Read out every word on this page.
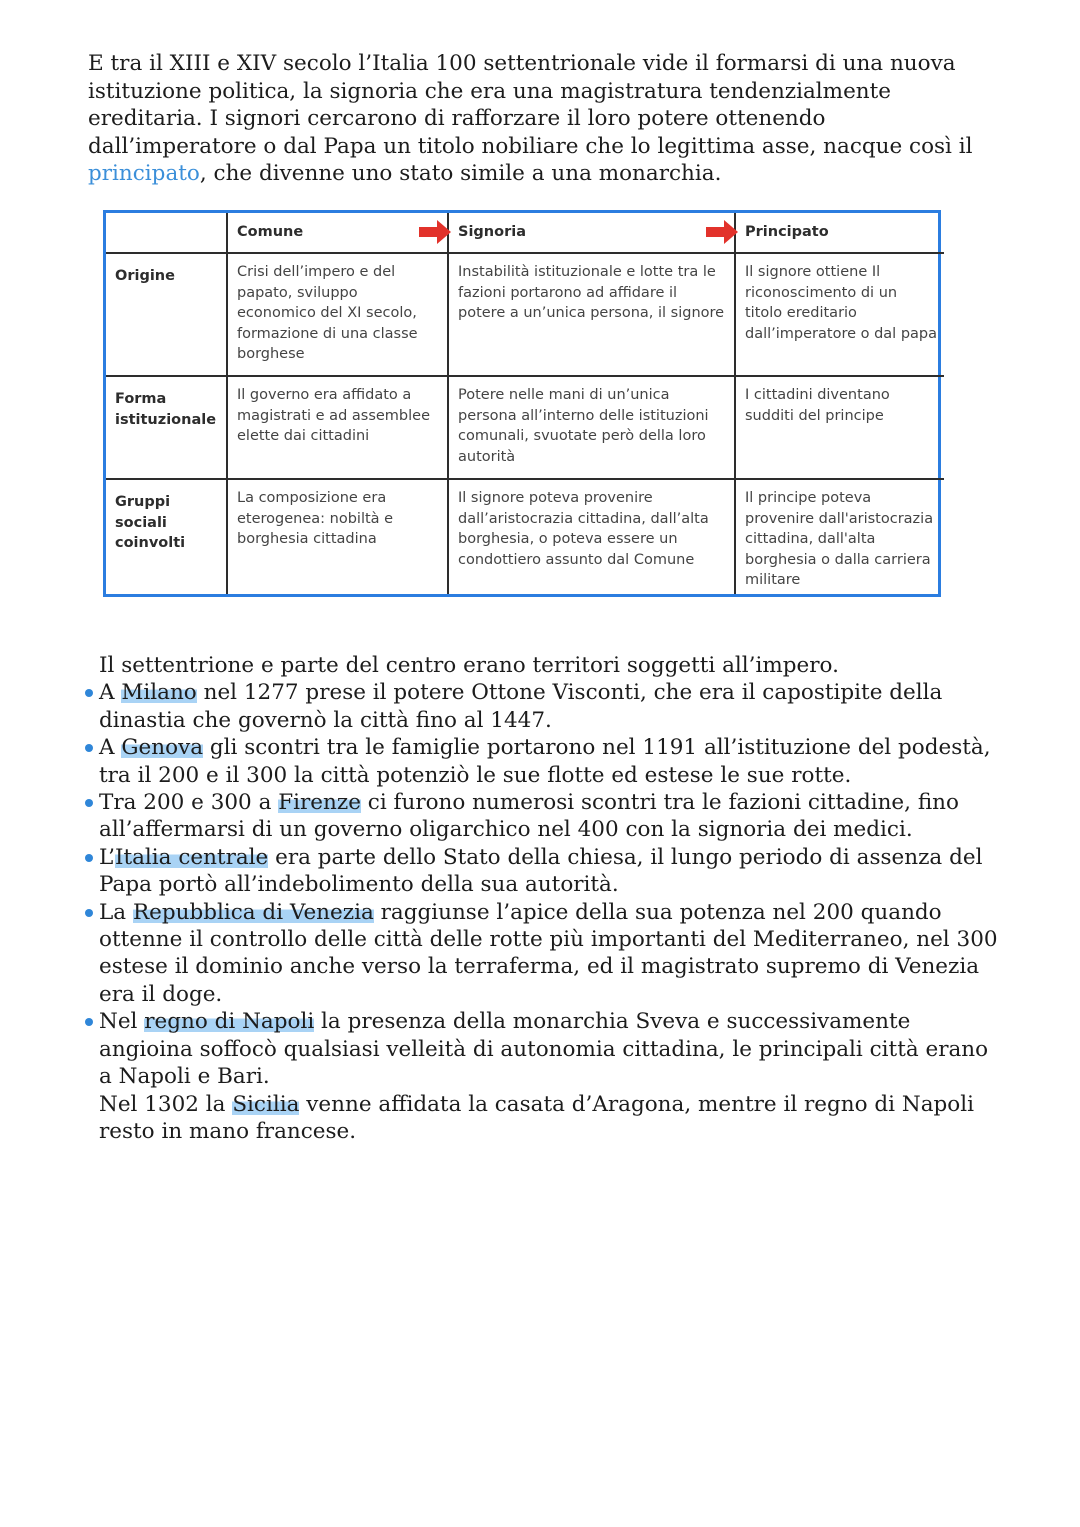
E tra il XIII e XIV secolo l’Italia 100 settentrionale vide il formarsi di una nuova istituzione politica, la signoria che era una magistratura tendenzialmente ereditaria. I signori cercarono di rafforzare il loro potere ottenendo dall’imperatore o dal Papa un titolo nobiliare che lo legittima asse, nacque così il principato, che divenne uno stato simile a una monarchia.

	Comune	Signoria	Principato
Origine	Crisi dell’impero e del papato, sviluppo economico del XI secolo, formazione di una classe borghese	Instabilità istituzionale e lotte tra le fazioni portarono ad affidare il potere a un’unica persona, il signore	Il signore ottiene Il riconoscimento di un titolo ereditario dall’imperatore o dal papa
Forma istituzionale	Il governo era affidato a magistrati e ad assemblee elette dai cittadini	Potere nelle mani di un’unica persona all’interno delle istituzioni comunali, svuotate però della loro autorità	I cittadini diventano sudditi del principe
Gruppi sociali coinvolti	La composizione era eterogenea: nobiltà e borghesia cittadina	Il signore poteva provenire dall’aristocrazia cittadina, dall’alta borghesia, o poteva essere un condottiero assunto dal Comune	Il principe poteva provenire dall'aristocrazia cittadina, dall'alta borghesia o dalla carriera militare
Il settentrione e parte del centro erano territori soggetti all’impero.
A Milano nel 1277 prese il potere Ottone Visconti, che era il capostipite della dinastia che governò la città fino al 1447.
A Genova gli scontri tra le famiglie portarono nel 1191 all’istituzione del podestà, tra il 200 e il 300 la città potenziò le sue flotte ed estese le sue rotte.
Tra 200 e 300 a Firenze ci furono numerosi scontri tra le fazioni cittadine, fino all’affermarsi di un governo oligarchico nel 400 con la signoria dei medici.
L’Italia centrale era parte dello Stato della chiesa, il lungo periodo di assenza del Papa portò all’indebolimento della sua autorità.
La Repubblica di Venezia raggiunse l’apice della sua potenza nel 200 quando ottenne il controllo delle città delle rotte più importanti del Mediterraneo, nel 300 estese il dominio anche verso la terraferma, ed il magistrato supremo di Venezia era il doge.
Nel regno di Napoli la presenza della monarchia Sveva e successivamente angioina soffocò qualsiasi velleità di autonomia cittadina, le principali città erano a Napoli e Bari.
Nel 1302 la Sicilia venne affidata la casata d’Aragona, mentre il regno di Napoli resto in mano francese.
